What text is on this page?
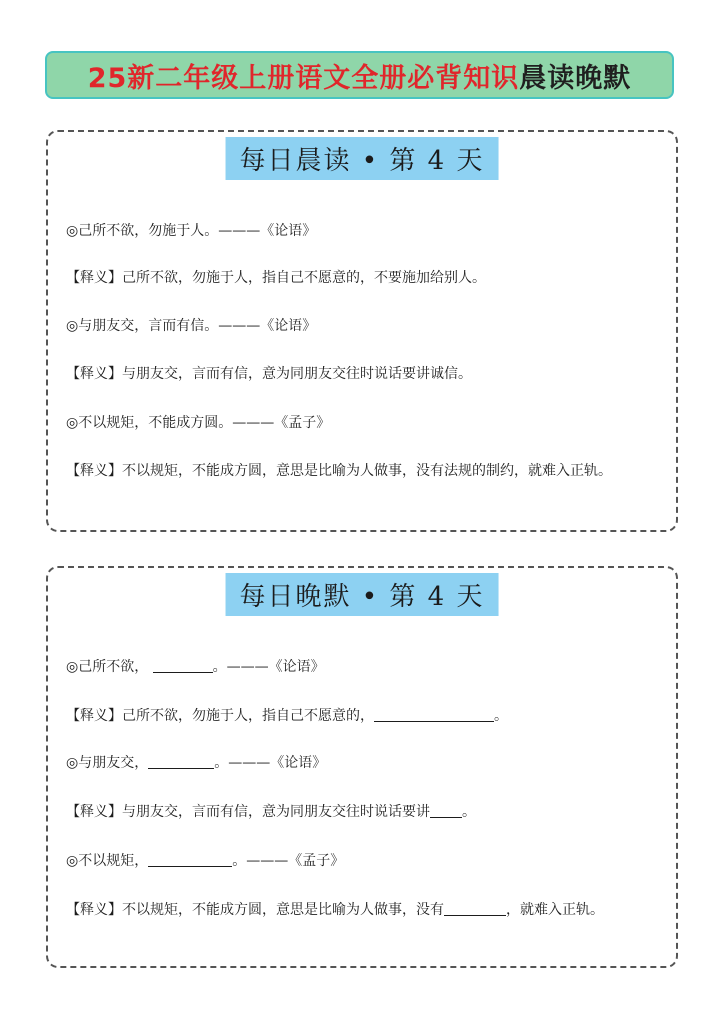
25新二年级上册语文全册必背知识 晨读晚默
每日晨读 • 第 4 天
◎己所不欲，勿施于人。———《论语》
【释义】己所不欲，勿施于人，指自己不愿意的，不要施加给别人。
◎与朋友交，言而有信。———《论语》
【释义】与朋友交，言而有信，意为同朋友交往时说话要讲诚信。
◎不以规矩，不能成方圆。———《孟子》
【释义】不以规矩，不能成方圆，意思是比喻为人做事，没有法规的制约，就难入正轨。
每日晚默 • 第 4 天
◎己所不欲，	。———《论语》
【释义】己所不欲，勿施于人，指自己不愿意的，	。
◎与朋友交，	。———《论语》
【释义】与朋友交，言而有信，意为同朋友交往时说话要讲 。
◎不以规矩，	。———《孟子》
【释义】不以规矩，不能成方圆，意思是比喻为人做事，没有	，就难入正轨。
